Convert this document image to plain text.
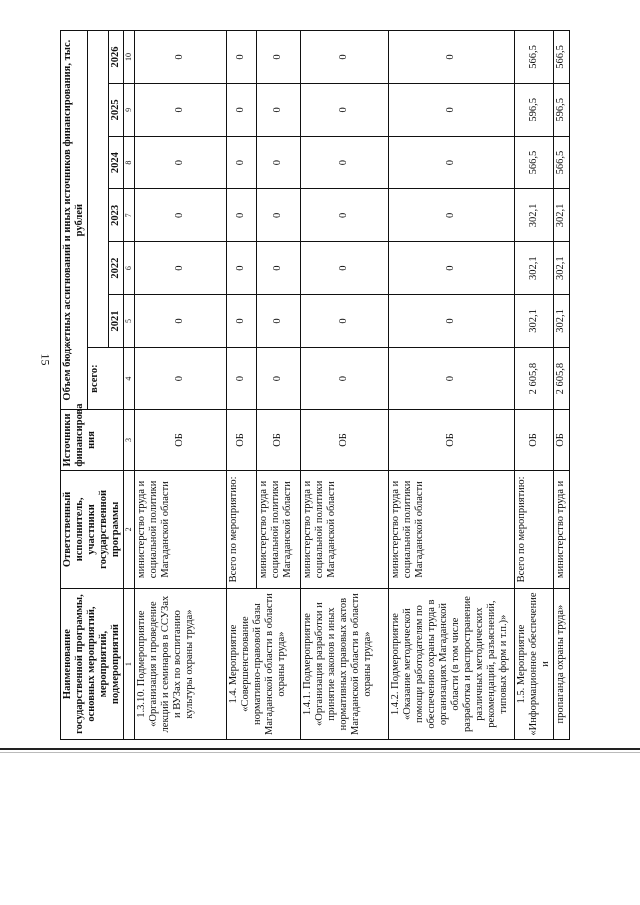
15
Наименование государственной программы, основных мероприятий, мероприятий, подмероприятий	Ответственный исполнитель, участники государственной программы	Источники финансирова ния	Объем бюджетных ассигнований и иных источников финансирования, тыс. рублей						
			всего:						
				2021	2022	2023	2024	2025	2026
1	2	3	4	5	6	7	8	9	10
1.3.10. Подмероприятие «Организация и проведение лекций и семинаров в ССУЗах и ВУЗах по воспитанию культуры охраны труда»	министерство труда и социальной политики Магаданской области	ОБ	0	0	0	0	0	0	0
1.4. Мероприятие «Совершенствование нормативно-правовой базы Магаданской области в области охраны труда»	Всего по мероприятию:	ОБ	0	0	0	0	0	0	0
	министерство труда и социальной политики Магаданской области	ОБ	0	0	0	0	0	0	0
1.4.1. Подмероприятие «Организация разработки и принятие законов и иных нормативных правовых актов Магаданской области в области охраны труда»	министерство труда и социальной политики Магаданской области	ОБ	0	0	0	0	0	0	0
1.4.2. Подмероприятие «Оказание методической помощи работодателям по обеспечению охраны труда в организациях Магаданской области (в том числе разработка и распространение различных методических рекомендаций, разъяснений, типовых форм и т.п.)»	министерство труда и социальной политики Магаданской области	ОБ	0	0	0	0	0	0	0
1.5. Мероприятие «Информационное обеспечение и	Всего по мероприятию:	ОБ	2 605,8	302,1	302,1	302,1	566,5	596,5	566,5
пропаганда охраны труда»	министерство труда и	ОБ	2 605,8	302,1	302,1	302,1	566,5	596,5	566,5
